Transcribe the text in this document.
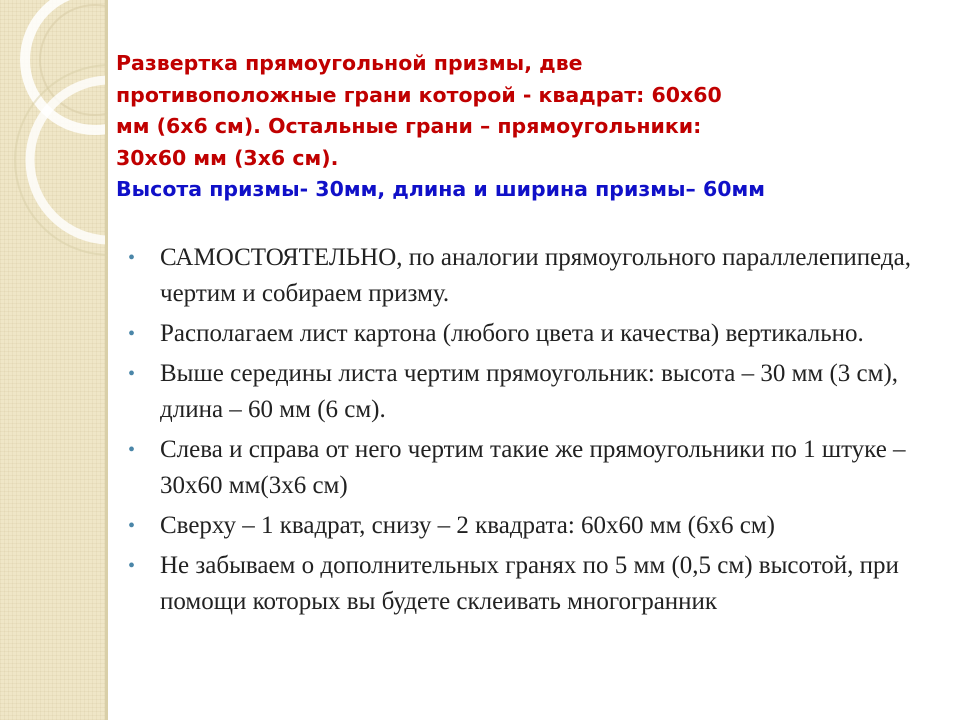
Развертка прямоугольной призмы, две
противоположные грани которой - квадрат: 60х60
мм (6х6 см). Остальные грани – прямоугольники:
30х60 мм (3х6 см).
Высота призмы- 30мм, длина и ширина призмы– 60мм
• САМОСТОЯТЕЛЬНО, по аналогии прямоугольного параллелепипеда, чертим и собираем призму.
• Располагаем лист картона (любого цвета и качества) вертикально.
• Выше середины листа чертим прямоугольник: высота – 30 мм (3 см), длина – 60 мм (6 см).
• Слева и справа от него чертим такие же прямоугольники по 1 штуке – 30х60 мм(3х6 см)
• Сверху – 1 квадрат, снизу – 2 квадрата: 60х60 мм (6х6 см)
• Не забываем о дополнительных гранях по 5 мм (0,5 см) высотой, при помощи которых вы будете склеивать многогранник
